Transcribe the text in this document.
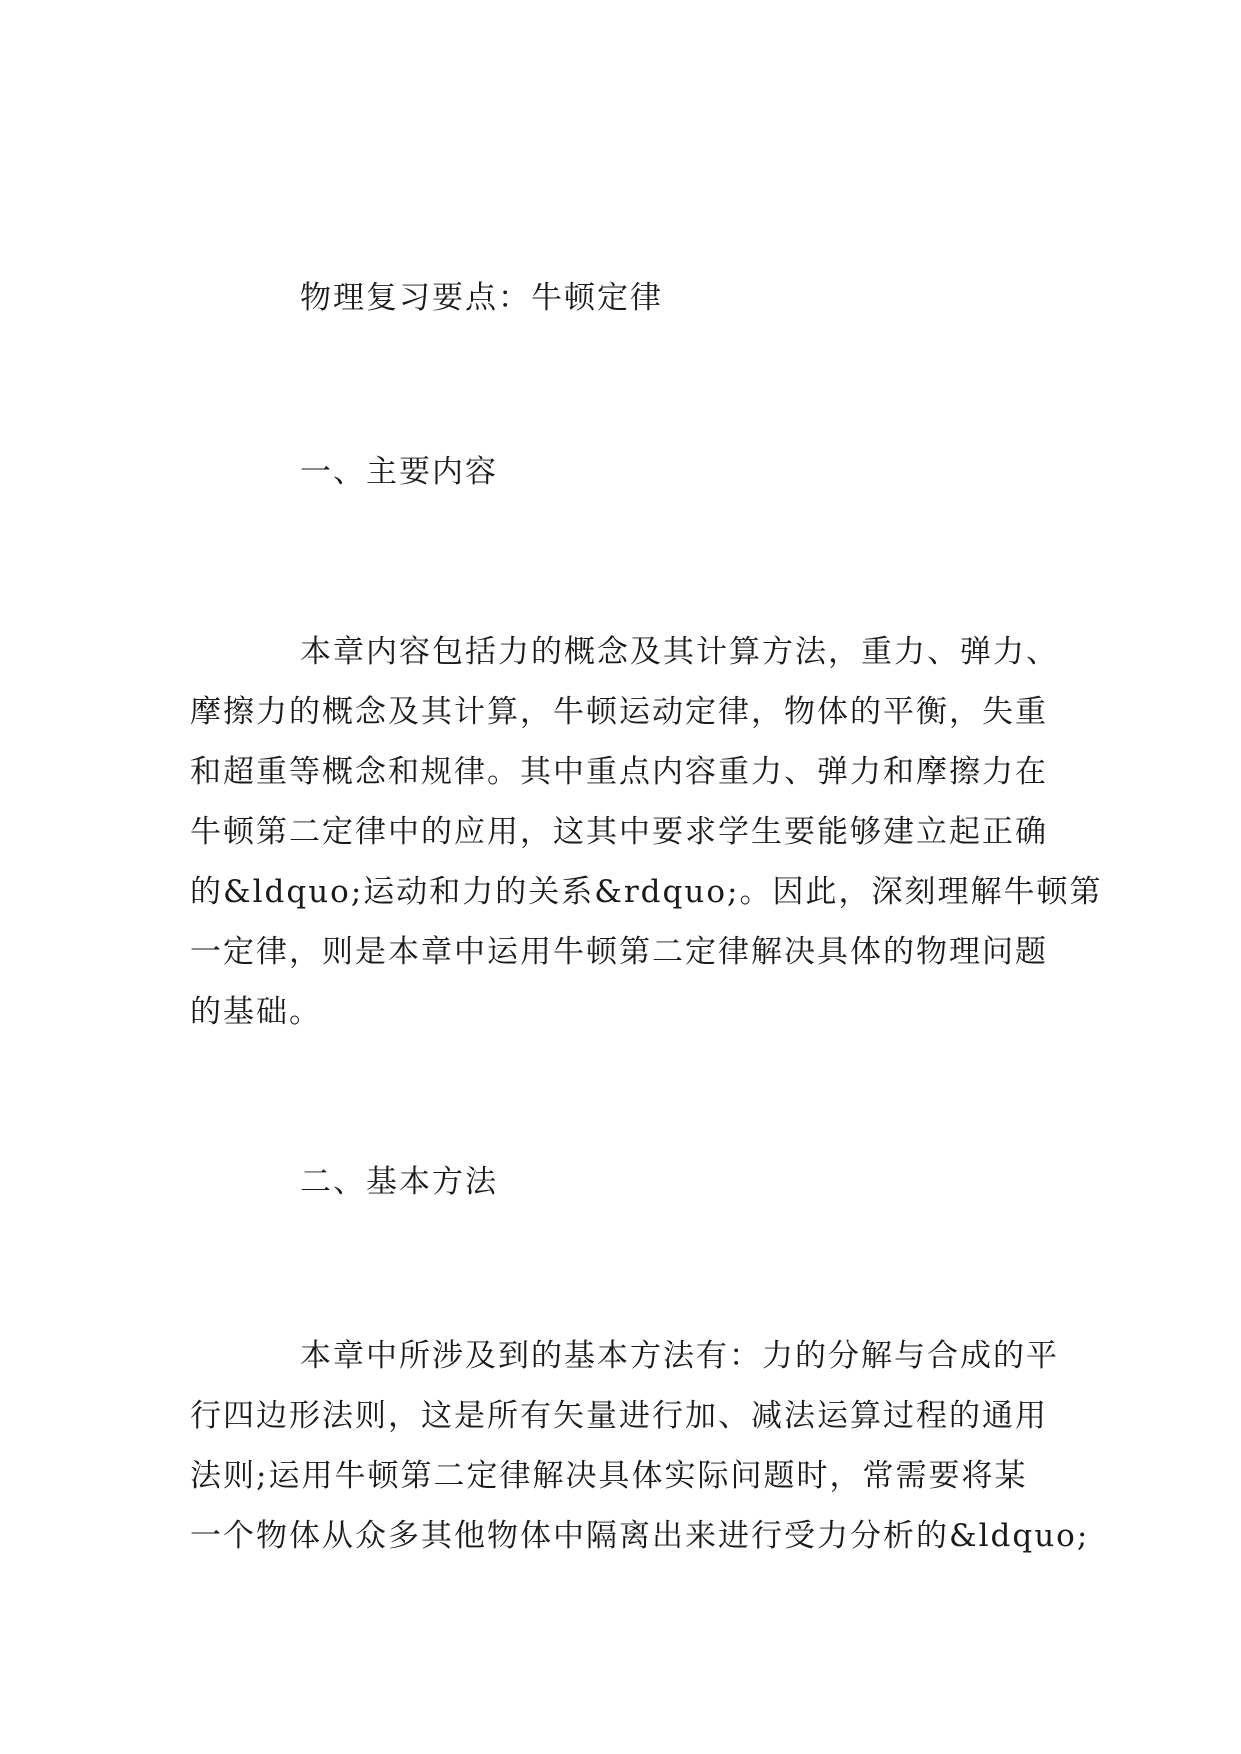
物理复习要点：牛顿定律

一、主要内容

本章内容包括力的概念及其计算方法，重力、弹力、

摩擦力的概念及其计算，牛顿运动定律，物体的平衡，失重

和超重等概念和规律。其中重点内容重力、弹力和摩擦力在

牛顿第二定律中的应用，这其中要求学生要能够建立起正确

的&ldquo;运动和力的关系&rdquo;。因此，深刻理解牛顿第

一定律，则是本章中运用牛顿第二定律解决具体的物理问题

的基础。

二、基本方法

本章中所涉及到的基本方法有：力的分解与合成的平

行四边形法则，这是所有矢量进行加、减法运算过程的通用

法则;运用牛顿第二定律解决具体实际问题时，常需要将某

一个物体从众多其他物体中隔离出来进行受力分析的&ldquo;
